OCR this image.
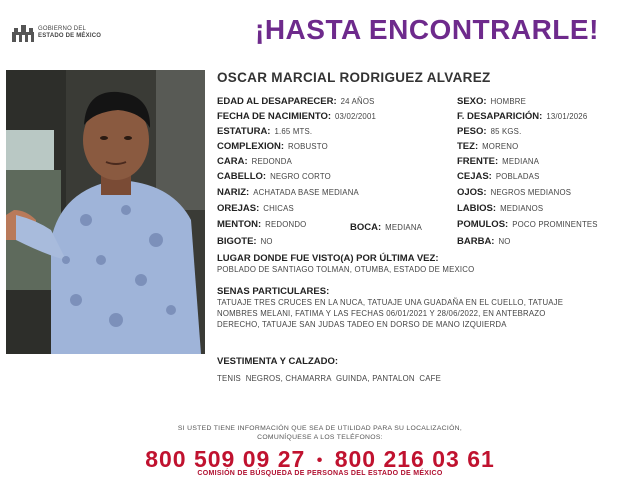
GOBIERNO DEL
ESTADO DE MÉXICO	¡HASTA ENCONTRARLE!
OSCAR MARCIAL RODRIGUEZ ALVAREZ
EDAD AL DESAPARECER: 24 AÑOS
FECHA DE NACIMIENTO: 03/02/2001
ESTATURA: 1.65 MTS.
COMPLEXION: ROBUSTO
CARA: REDONDA
CABELLO: NEGRO CORTO
NARIZ: ACHATADA BASE MEDIANA
OREJAS: CHICAS
MENTON: REDONDO	BOCA: MEDIANA
BIGOTE: NO
SEXO: HOMBRE
F. DESAPARICIÓN: 13/01/2026
PESO: 85 KGS.
TEZ: MORENO
FRENTE: MEDIANA
CEJAS: POBLADAS
OJOS: NEGROS MEDIANOS
LABIOS: MEDIANOS
POMULOS: POCO PROMINENTES
BARBA: NO
LUGAR DONDE FUE VISTO(A) POR ÚLTIMA VEZ:
POBLADO DE SANTIAGO TOLMAN, OTUMBA, ESTADO DE MEXICO
SENAS PARTICULARES:
TATUAJE TRES CRUCES EN LA NUCA, TATUAJE UNA GUADAÑA EN EL CUELLO, TATUAJE
NOMBRES MELANI, FATIMA Y LAS FECHAS 06/01/2021 Y 28/06/2022, EN ANTEBRAZO
DERECHO, TATUAJE SAN JUDAS TADEO EN DORSO DE MANO IZQUIERDA
VESTIMENTA Y CALZADO:
TENIS  NEGROS, CHAMARRA  GUINDA, PANTALON  CAFE
SI USTED TIENE INFORMACIÓN QUE SEA DE UTILIDAD PARA SU LOCALIZACIÓN,
COMUNÍQUESE A LOS TELÉFONOS:
800 509 09 27 • 800 216 03 61
COMISIÓN DE BÚSQUEDA DE PERSONAS DEL ESTADO DE MÉXICO
